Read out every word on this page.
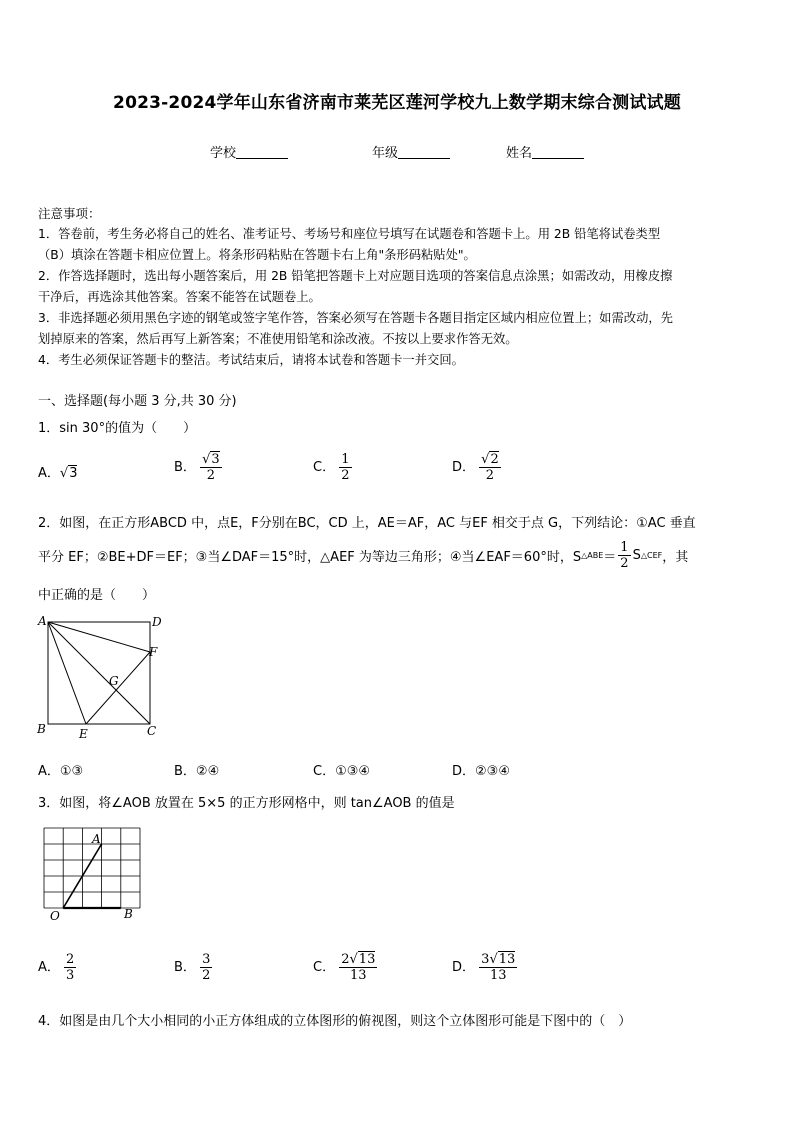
2023-2024学年山东省济南市莱芜区莲河学校九上数学期末综合测试试题
学校	年级	姓名
注意事项：
1．答卷前，考生务必将自己的姓名、准考证号、考场号和座位号填写在试题卷和答题卡上。用 2B 铅笔将试卷类型
（B）填涂在答题卡相应位置上。将条形码粘贴在答题卡右上角"条形码粘贴处"。
2．作答选择题时，选出每小题答案后，用 2B 铅笔把答题卡上对应题目选项的答案信息点涂黑；如需改动，用橡皮擦
干净后，再选涂其他答案。答案不能答在试题卷上。
3．非选择题必须用黑色字迹的钢笔或签字笔作答，答案必须写在答题卡各题目指定区域内相应位置上；如需改动，先
划掉原来的答案，然后再写上新答案；不准使用铅笔和涂改液。不按以上要求作答无效。
4．考生必须保证答题卡的整洁。考试结束后，请将本试卷和答题卡一并交回。
一、选择题(每小题 3 分,共 30 分)
1．sin 30°的值为（　　）
A．√3	B． $\frac{√3}{2}$	C． $\frac{1}{2}$	D． $\frac{√2}{2}$
2．如图，在正方形ABCD 中，点E，F分别在BC，CD 上，AE＝AF，AC 与EF 相交于点 G，下列结论：①AC 垂直
平分 EF；②BE+DF＝EF；③当∠DAF＝15°时，△AEF 为等边三角形；④当∠EAF＝60°时，S △ABE ＝ $\frac{1}{2}$ S △CEF ，其
中正确的是（　　）
A	D
F
G
B	E	C
A．①③	B．②④	C．①③④	D．②③④
3．如图，将∠AOB 放置在 5×5 的正方形网格中，则 tan∠AOB 的值是
A
O	B
A． $\frac{2}{3}$	B． $\frac{3}{2}$	C． $\frac{2√13}{13}$	D． $\frac{3√13}{13}$
4．如图是由几个大小相同的小正方体组成的立体图形的俯视图，则这个立体图形可能是下图中的（　）
